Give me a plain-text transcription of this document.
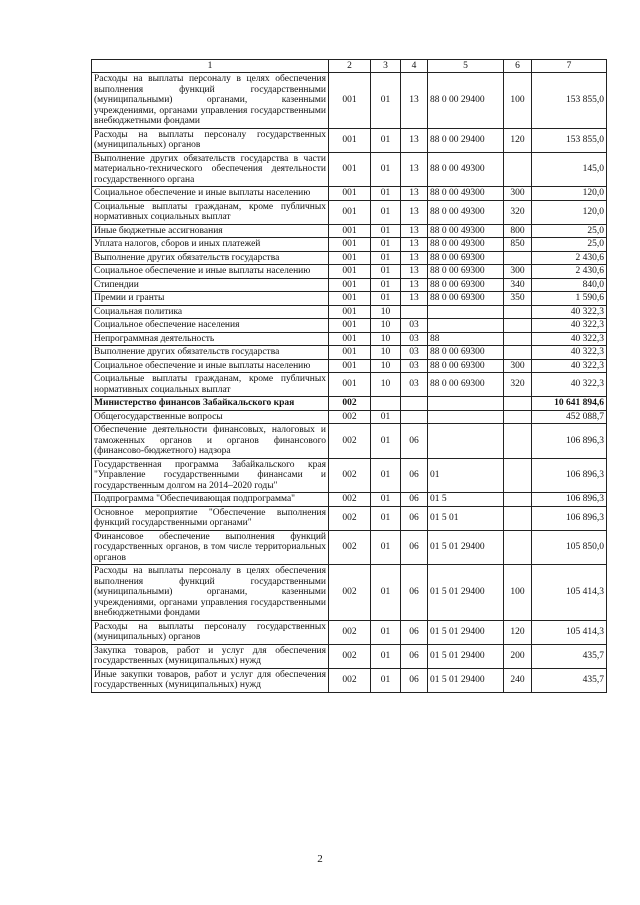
1	2	3	4	5	6	7
Расходы на выплаты персоналу в целях обеспечения выполнения функций государственными (муниципальными) органами, казенными учреждениями, органами управления государственными внебюджетными фондами	001	01	13	88 0 00 29400	100	153 855,0
Расходы на выплаты персоналу государственных (муниципальных) органов	001	01	13	88 0 00 29400	120	153 855,0
Выполнение других обязательств государства в части материально-технического обеспечения деятельности государственного органа	001	01	13	88 0 00 49300		145,0
Социальное обеспечение и иные выплаты населению	001	01	13	88 0 00 49300	300	120,0
Социальные выплаты гражданам, кроме публичных нормативных социальных выплат	001	01	13	88 0 00 49300	320	120,0
Иные бюджетные ассигнования	001	01	13	88 0 00 49300	800	25,0
Уплата налогов, сборов и иных платежей	001	01	13	88 0 00 49300	850	25,0
Выполнение других обязательств государства	001	01	13	88 0 00 69300		2 430,6
Социальное обеспечение и иные выплаты населению	001	01	13	88 0 00 69300	300	2 430,6
Стипендии	001	01	13	88 0 00 69300	340	840,0
Премии и гранты	001	01	13	88 0 00 69300	350	1 590,6
Социальная политика	001	10				40 322,3
Социальное обеспечение населения	001	10	03			40 322,3
Непрограммная деятельность	001	10	03	88		40 322,3
Выполнение других обязательств государства	001	10	03	88 0 00 69300		40 322,3
Социальное обеспечение и иные выплаты населению	001	10	03	88 0 00 69300	300	40 322,3
Социальные выплаты гражданам, кроме публичных нормативных социальных выплат	001	10	03	88 0 00 69300	320	40 322,3
Министерство финансов Забайкальского края	002					10 641 894,6
Общегосударственные вопросы	002	01				452 088,7
Обеспечение деятельности финансовых, налоговых и таможенных органов и органов финансового (финансово-бюджетного) надзора	002	01	06			106 896,3
Государственная программа Забайкальского края "Управление государственными финансами и государственным долгом на 2014–2020 годы"	002	01	06	01		106 896,3
Подпрограмма "Обеспечивающая подпрограмма"	002	01	06	01 5		106 896,3
Основное мероприятие "Обеспечение выполнения функций государственными органами"	002	01	06	01 5 01		106 896,3
Финансовое обеспечение выполнения функций государственных органов, в том числе территориальных органов	002	01	06	01 5 01 29400		105 850,0
Расходы на выплаты персоналу в целях обеспечения выполнения функций государственными (муниципальными) органами, казенными учреждениями, органами управления государственными внебюджетными фондами	002	01	06	01 5 01 29400	100	105 414,3
Расходы на выплаты персоналу государственных (муниципальных) органов	002	01	06	01 5 01 29400	120	105 414,3
Закупка товаров, работ и услуг для обеспечения государственных (муниципальных) нужд	002	01	06	01 5 01 29400	200	435,7
Иные закупки товаров, работ и услуг для обеспечения государственных (муниципальных) нужд	002	01	06	01 5 01 29400	240	435,7
2
